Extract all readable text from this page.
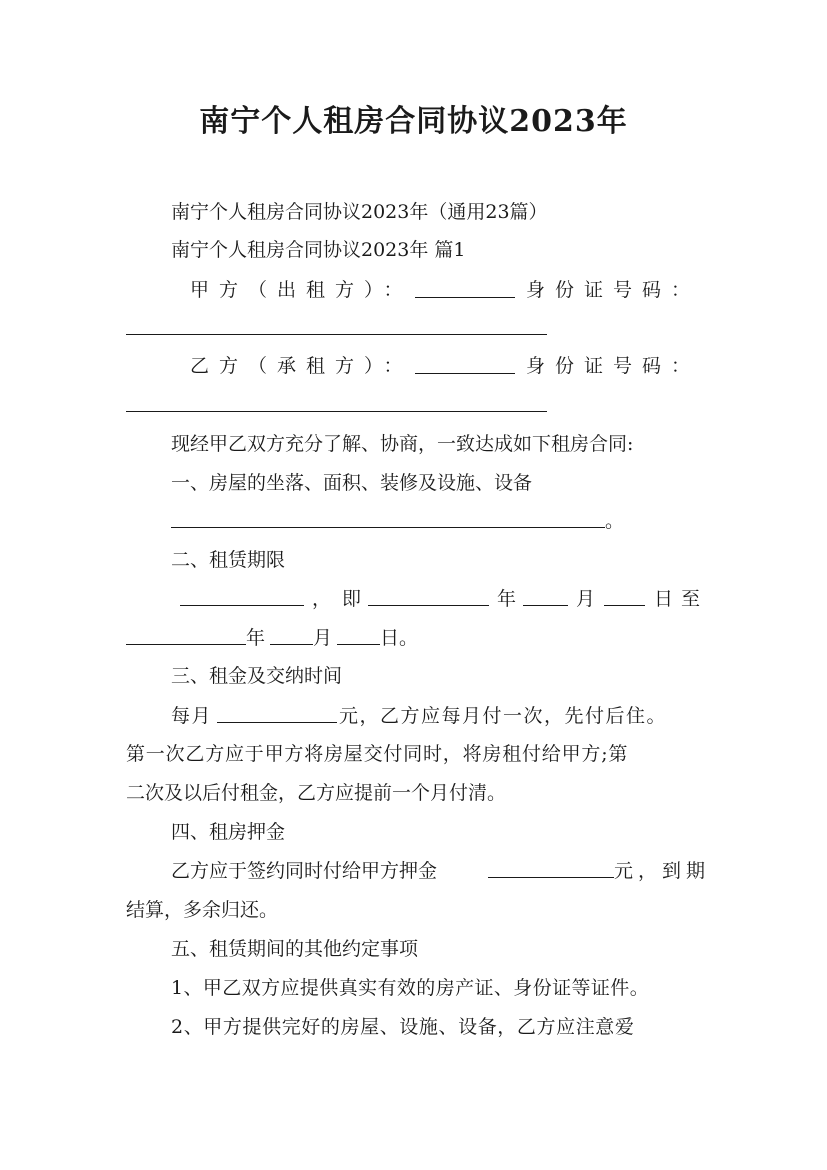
南宁个人租房合同协议2023年
南宁个人租房合同协议2023年（通用23篇）
南宁个人租房合同协议2023年 篇1
甲方（出租方）：	身份证号码：
乙方（承租方）：	身份证号码：
现经甲乙双方充分了解、协商，一致达成如下租房合同:
一、房屋的坐落、面积、装修及设施、设备
。
二、租赁期限
， 即	年	月	日至
年	月	日。
三、租金及交纳时间
每月	元，乙方应每月付一次，先付后住。
第一次乙方应于甲方将房屋交付同时，将房租付给甲方;第
二次及以后付租金，乙方应提前一个月付清。
四、租房押金
乙方应于签约同时付给甲方押金	元，到期
结算，多余归还。
五、租赁期间的其他约定事项
1、甲乙双方应提供真实有效的房产证、身份证等证件。
2、甲方提供完好的房屋、设施、设备，乙方应注意爱
